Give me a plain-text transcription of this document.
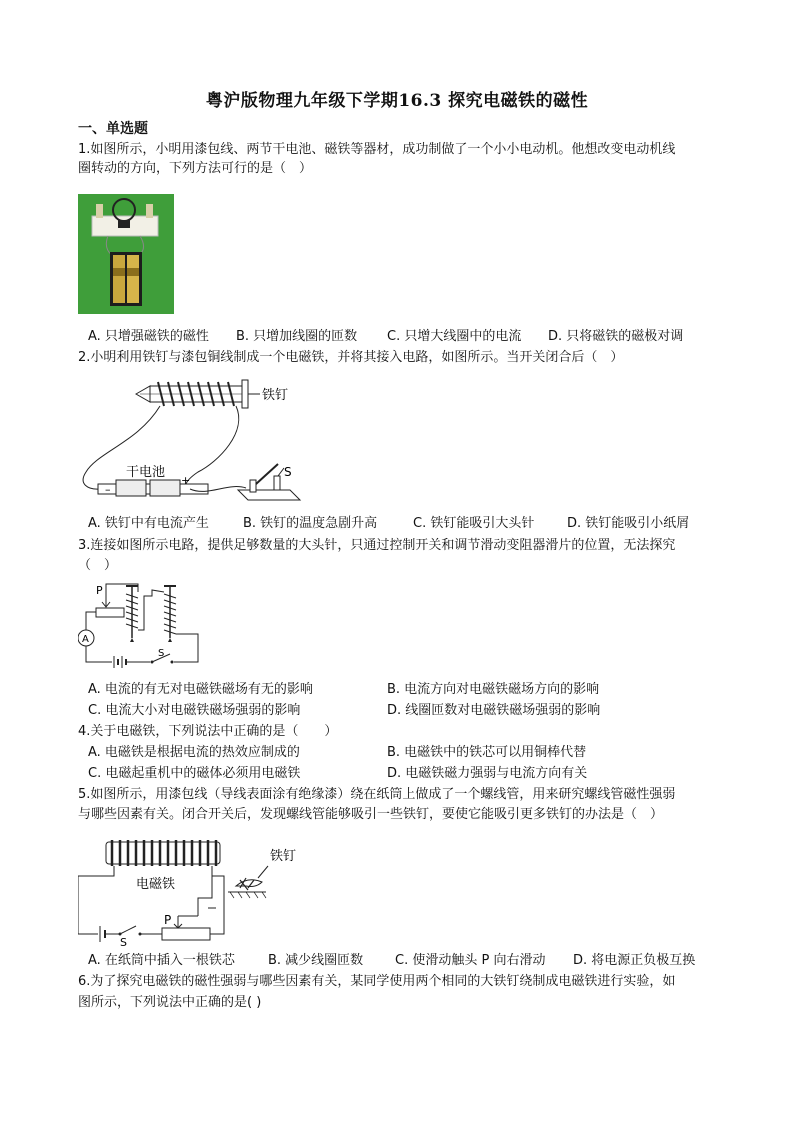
粤沪版物理九年级下学期16.3 探究电磁铁的磁性
一、单选题
1.如图所示，小明用漆包线、两节干电池、磁铁等器材，成功制做了一个小小电动机。他想改变电动机线
圈转动的方向，下列方法可行的是（　）
A. 只增强磁铁的磁性 B. 只增加线圈的匝数 C. 只增大线圈中的电流 D. 只将磁铁的磁极对调
2.小明利用铁钉与漆包铜线制成一个电磁铁，并将其接入电路，如图所示。当开关闭合后（　）
铁钉
–
+
干电池	S
A. 铁钉中有电流产生	B. 铁钉的温度急剧升高	C. 铁钉能吸引大头针	D. 铁钉能吸引小纸屑
3.连接如图所示电路，提供足够数量的大头针，只通过控制开关和调节滑动变阻器滑片的位置，无法探究
（　）
P
A
S
A. 电流的有无对电磁铁磁场有无的影响	B. 电流方向对电磁铁磁场方向的影响
C. 电流大小对电磁铁磁场强弱的影响	D. 线圈匝数对电磁铁磁场强弱的影响
4.关于电磁铁，下列说法中正确的是（　　）
A. 电磁铁是根据电流的热效应制成的	B. 电磁铁中的铁芯可以用铜棒代替
C. 电磁起重机中的磁体必须用电磁铁	D. 电磁铁磁力强弱与电流方向有关
5.如图所示，用漆包线（导线表面涂有绝缘漆）绕在纸筒上做成了一个螺线管，用来研究螺线管磁性强弱
与哪些因素有关。闭合开关后，发现螺线管能够吸引一些铁钉，要使它能吸引更多铁钉的办法是（　）
电磁铁
S
P
铁钉
A. 在纸筒中插入一根铁芯	B. 减少线圈匝数 C. 使滑动触头 P 向右滑动 D. 将电源正负极互换
6.为了探究电磁铁的磁性强弱与哪些因素有关，某同学使用两个相同的大铁钉绕制成电磁铁进行实验，如
图所示，下列说法中正确的是( )
